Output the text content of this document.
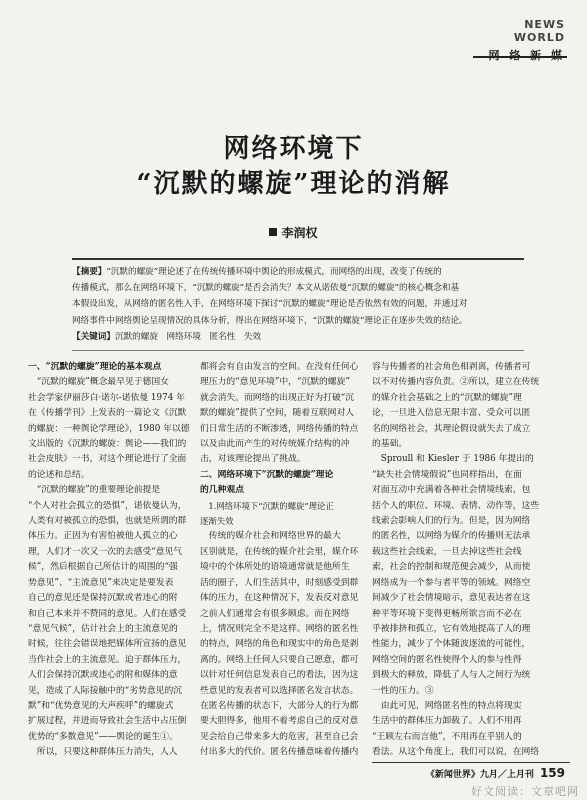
NEWS WORLD
网络环境下
“沉默的螺旋”理论的消解
李润权

【摘要】“沉默的螺旋”理论述了在传统传播环境中舆论的形成模式，而网络的出现，改变了传统的

传播模式，那么在网络环境下，“沉默的螺旋”是否会消失？本文从诺依曼“沉默的螺旋”的核心概念和基

本假设出发，从网络的匿名性入手，在网络环境下探讨“沉默的螺旋”理论是否依然有效的问题，并通过对

网络事件中网络舆论呈现情况的具体分析，得出在网络环境下，“沉默的螺旋”理论正在逐步失效的结论。

【关键词】沉默的螺旋　网络环境　匿名性　失效

一、“沉默的螺旋”理论的基本观点

　“沉默的螺旋”概念最早见于德国女

社会学家伊丽莎白·诺尔-诺依曼 1974 年

在《传播学刊》上发表的一篇论文《沉默

的螺旋：一种舆论学理论》，1980 年以德

文出版的《沉默的螺旋：舆论——我们的

社会皮肤》一书，对这个理论进行了全面

的论述和总结。

　“沉默的螺旋”的重要理论前提是

“个人对社会孤立的恐惧”，诺依曼认为，

人类有对被孤立的恐惧，也就是所谓的群

体压力。正因为有害怕被他人孤立的心

理，人们才一次又一次的去感受“意见气

候”，然后根据自己所估计的周围的“强

势意见”、“主流意见”来决定是要发表

自己的意见还是保持沉默或者违心的附

和自己本来并不赞同的意见。人们在感受

“意见气候”，估计社会上的主流意见的

时候，往往会错误地把媒体所宣扬的意见

当作社会上的主流意见。迫于群体压力，

人们会保持沉默或违心的附和媒体的意

见，造成了人际接触中的“劣势意见的沉

默”和“优势意见的大声疾呼”的螺旋式

扩展过程，并进而导致社会生活中占压倒

优势的“多数意见”——舆论的诞生①。

　所以，只要这种群体压力消失，人人

都将会有自由发言的空间。在没有任何心

理压力的“意见环境”中，“沉默的螺旋”

就会消失。而网络的出现正好为打破“沉

默的螺旋”提供了空间，随着互联网对人

们日常生活的不断渗透，网络传播的特点

以及由此而产生的对传统媒介结构的冲

击，对该理论提出了挑战。

二、网络环境下“沉默的螺旋”理论

的几种观点

　1.网络环境下“沉默的螺旋”理论正

逐渐失效

　传统的媒介社会和网络世界的最大

区别就是，在传统的媒介社会里，媒介环

境中的个体所处的语境通常就是他所生

活的圈子，人们生活其中，时刻感受到群

体的压力，在这种情况下，发表反对意见

之前人们通常会有很多顾虑。而在网络

上，情况则完全不是这样。网络的匿名性

的特点，网络的角色和现实中的角色是剥

离的。网络上任何人只要自己愿意，都可

以针对任何信息发表自己的看法，因为这

些意见的发表者可以选择匿名发言状态。

在匿名传播的状态下，大部分人的行为都

要大胆得多，他用不着考虑自己的反对意

见会给自己带来多大的危害，甚至自己会

付出多大的代价。匿名传播意味着传播内

容与传播者的社会角色相剥离，传播者可

以不对传播内容负责。②所以，建立在传统

的媒介社会基础之上的“沉默的螺旋”理

论，一旦进入信息无限丰富、受众可以匿

名的网络社会，其理论假设就失去了成立

的基础。

　Sproull 和 Kiesler 于 1986 年提出的

“缺失社会情境假说”也同样指出，在面

对面互动中充满着各种社会情境线索，包

括个人的职位、环境、表情、动作等，这些

线索会影响人们的行为。但是，因为网络

的匿名性，以网络为媒介的传播则无法承

载这些社会线索，一旦去掉这些社会线

索，社会的控制和规范便会减少，从而使

网络成为一个参与者平等的领域。网络空

间减少了社会情境暗示，意见表达者在这

种平等环境下变得更畅所欲言而不必在

乎被排挤和孤立，它有效地提高了人的理

性能力，减少了个体随波逐流的可能性，

网络空间的匿名性使得个人的参与性得

到极大的释放，降低了人与人之间行为统

一性的压力。③

　由此可见，网络匿名性的特点将现实

生活中的群体压力卸载了。人们不用再

“王顾左右而言他”，不用再在乎别人的

看法。从这个角度上，我们可以说，在网络

《新闻世界》九月／上月刊 159
好文阅读：文章吧网
